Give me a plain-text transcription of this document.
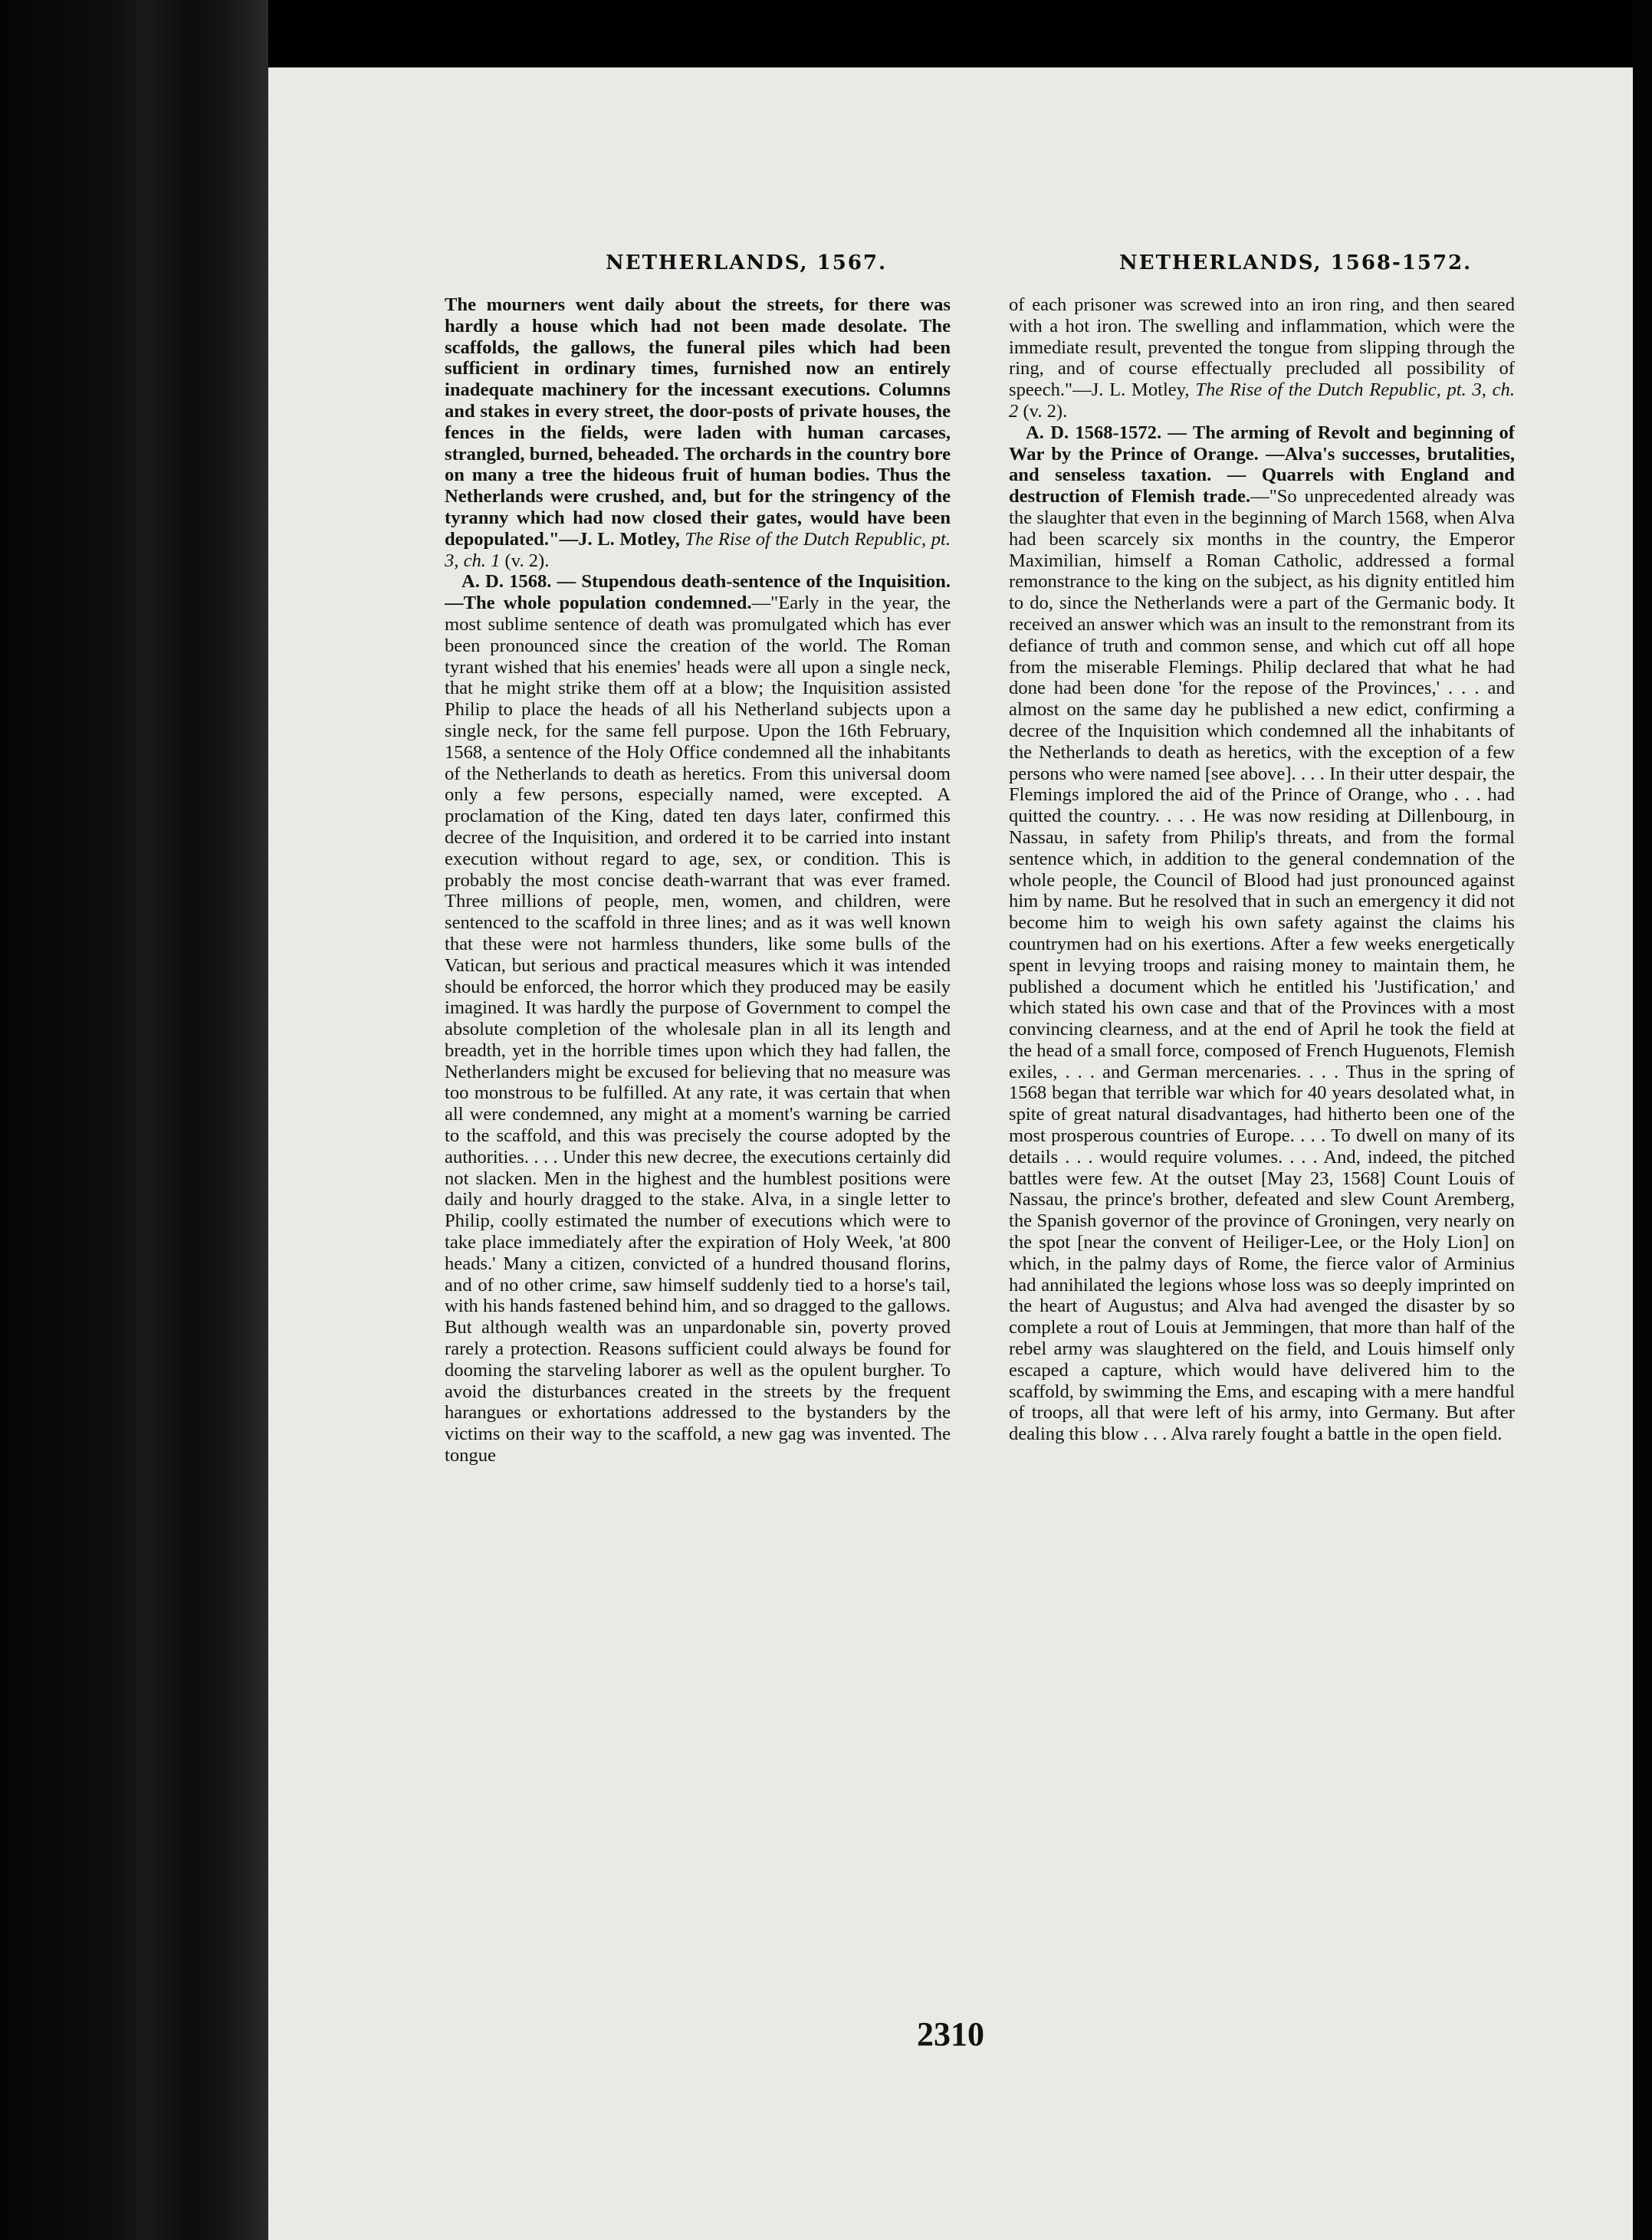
NETHERLANDS, 1567.	NETHERLANDS, 1568-1572.

The mourners went daily about the streets, for there was hardly a house which had not been made desolate. The scaffolds, the gallows, the funeral piles which had been sufficient in ordinary times, furnished now an entirely inadequate machinery for the incessant executions. Columns and stakes in every street, the door-posts of private houses, the fences in the fields, were laden with human carcases, strangled, burned, beheaded. The orchards in the country bore on many a tree the hideous fruit of human bodies. Thus the Netherlands were crushed, and, but for the stringency of the tyranny which had now closed their gates, would have been depopulated."—J. L. Motley, The Rise of the Dutch Republic, pt. 3, ch. 1 (v. 2).

A. D. 1568. — Stupendous death-sentence of the Inquisition.—The whole population condemned.—"Early in the year, the most sublime sentence of death was promulgated which has ever been pronounced since the creation of the world. The Roman tyrant wished that his enemies' heads were all upon a single neck, that he might strike them off at a blow; the Inquisition assisted Philip to place the heads of all his Netherland subjects upon a single neck, for the same fell purpose. Upon the 16th February, 1568, a sentence of the Holy Office condemned all the inhabitants of the Netherlands to death as heretics. From this universal doom only a few persons, especially named, were excepted. A proclamation of the King, dated ten days later, confirmed this decree of the Inquisition, and ordered it to be carried into instant execution without regard to age, sex, or condition. This is probably the most concise death-warrant that was ever framed. Three millions of people, men, women, and children, were sentenced to the scaffold in three lines; and as it was well known that these were not harmless thunders, like some bulls of the Vatican, but serious and practical measures which it was intended should be enforced, the horror which they produced may be easily imagined. It was hardly the purpose of Government to compel the absolute completion of the wholesale plan in all its length and breadth, yet in the horrible times upon which they had fallen, the Netherlanders might be excused for believing that no measure was too monstrous to be fulfilled. At any rate, it was certain that when all were condemned, any might at a moment's warning be carried to the scaffold, and this was precisely the course adopted by the authorities. . . . Under this new decree, the executions certainly did not slacken. Men in the highest and the humblest positions were daily and hourly dragged to the stake. Alva, in a single letter to Philip, coolly estimated the number of executions which were to take place immediately after the expiration of Holy Week, 'at 800 heads.' Many a citizen, convicted of a hundred thousand florins, and of no other crime, saw himself suddenly tied to a horse's tail, with his hands fastened behind him, and so dragged to the gallows. But although wealth was an unpardonable sin, poverty proved rarely a protection. Reasons sufficient could always be found for dooming the starveling laborer as well as the opulent burgher. To avoid the disturbances created in the streets by the frequent harangues or exhortations addressed to the bystanders by the victims on their way to the scaffold, a new gag was invented. The tongue

of each prisoner was screwed into an iron ring, and then seared with a hot iron. The swelling and inflammation, which were the immediate result, prevented the tongue from slipping through the ring, and of course effectually precluded all possibility of speech."—J. L. Motley, The Rise of the Dutch Republic, pt. 3, ch. 2 (v. 2).

A. D. 1568-1572. — The arming of Revolt and beginning of War by the Prince of Orange. —Alva's successes, brutalities, and senseless taxation. — Quarrels with England and destruction of Flemish trade.—"So unprecedented already was the slaughter that even in the beginning of March 1568, when Alva had been scarcely six months in the country, the Emperor Maximilian, himself a Roman Catholic, addressed a formal remonstrance to the king on the subject, as his dignity entitled him to do, since the Netherlands were a part of the Germanic body. It received an answer which was an insult to the remonstrant from its defiance of truth and common sense, and which cut off all hope from the miserable Flemings. Philip declared that what he had done had been done 'for the repose of the Provinces,' . . . and almost on the same day he published a new edict, confirming a decree of the Inquisition which condemned all the inhabitants of the Netherlands to death as heretics, with the exception of a few persons who were named [see above]. . . . In their utter despair, the Flemings implored the aid of the Prince of Orange, who . . . had quitted the country. . . . He was now residing at Dillenbourg, in Nassau, in safety from Philip's threats, and from the formal sentence which, in addition to the general condemnation of the whole people, the Council of Blood had just pronounced against him by name. But he resolved that in such an emergency it did not become him to weigh his own safety against the claims his countrymen had on his exertions. After a few weeks energetically spent in levying troops and raising money to maintain them, he published a document which he entitled his 'Justification,' and which stated his own case and that of the Provinces with a most convincing clearness, and at the end of April he took the field at the head of a small force, composed of French Huguenots, Flemish exiles, . . . and German mercenaries. . . . Thus in the spring of 1568 began that terrible war which for 40 years desolated what, in spite of great natural disadvantages, had hitherto been one of the most prosperous countries of Europe. . . . To dwell on many of its details . . . would require volumes. . . . And, indeed, the pitched battles were few. At the outset [May 23, 1568] Count Louis of Nassau, the prince's brother, defeated and slew Count Aremberg, the Spanish governor of the province of Groningen, very nearly on the spot [near the convent of Heiliger-Lee, or the Holy Lion] on which, in the palmy days of Rome, the fierce valor of Arminius had annihilated the legions whose loss was so deeply imprinted on the heart of Augustus; and Alva had avenged the disaster by so complete a rout of Louis at Jemmingen, that more than half of the rebel army was slaughtered on the field, and Louis himself only escaped a capture, which would have delivered him to the scaffold, by swimming the Ems, and escaping with a mere handful of troops, all that were left of his army, into Germany. But after dealing this blow . . . Alva rarely fought a battle in the open field.

2310
